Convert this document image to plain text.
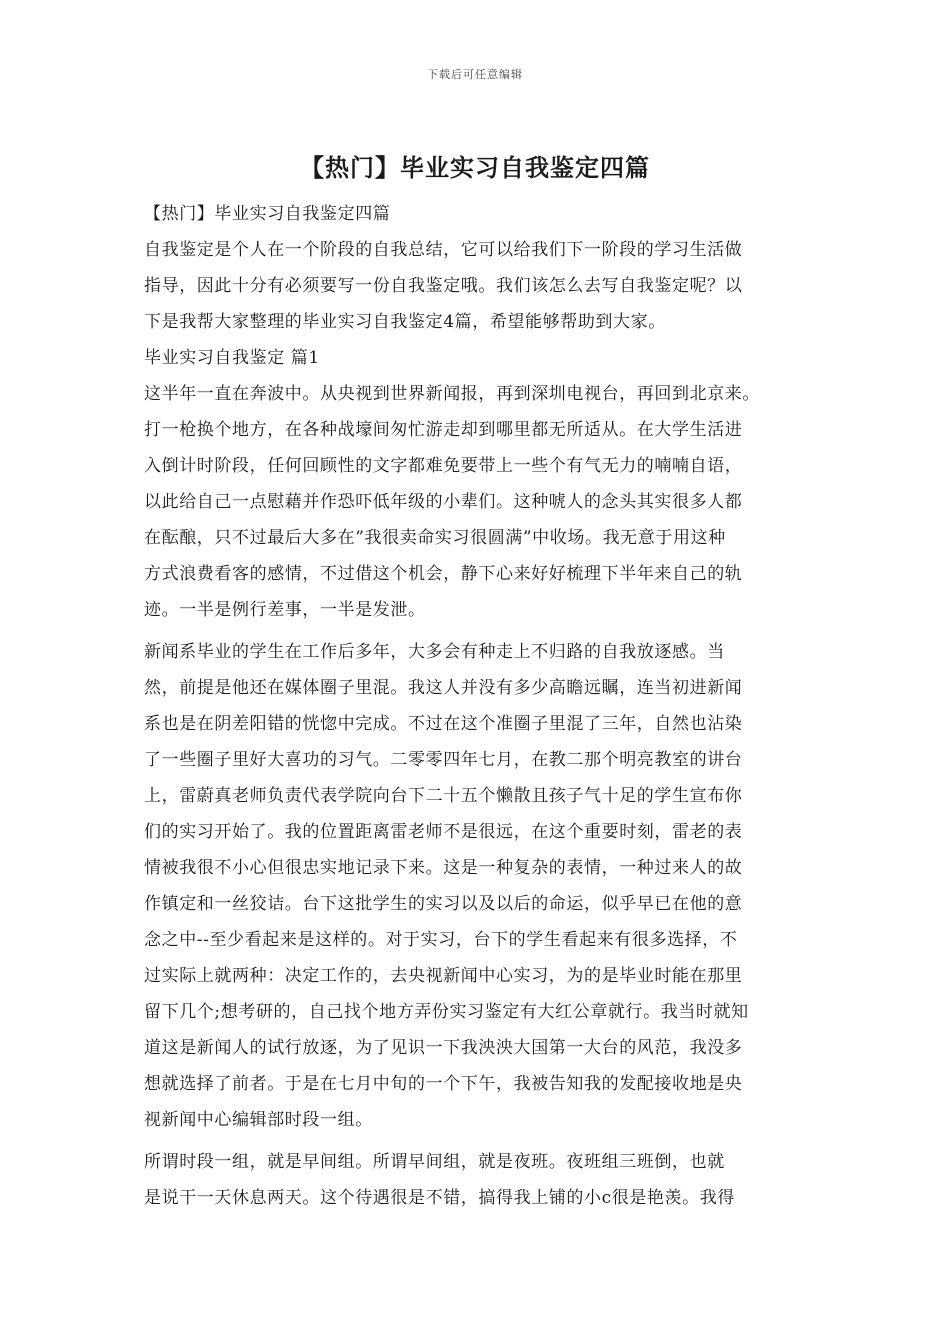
下载后可任意编辑
【热门】毕业实习自我鉴定四篇
【热门】毕业实习自我鉴定四篇
自我鉴定是个人在一个阶段的自我总结，它可以给我们下一阶段的学习生活做
指导，因此十分有必须要写一份自我鉴定哦。我们该怎么去写自我鉴定呢？以
下是我帮大家整理的毕业实习自我鉴定4篇，希望能够帮助到大家。
毕业实习自我鉴定 篇1
这半年一直在奔波中。从央视到世界新闻报，再到深圳电视台，再回到北京来。
打一枪换个地方，在各种战壕间匆忙游走却到哪里都无所适从。在大学生活进
入倒计时阶段，任何回顾性的文字都难免要带上一些个有气无力的喃喃自语，
以此给自己一点慰藉并作恐吓低年级的小辈们。这种唬人的念头其实很多人都
在酝酿，只不过最后大多在”我很卖命实习很圆满”中收场。我无意于用这种
方式浪费看客的感情，不过借这个机会，静下心来好好梳理下半年来自己的轨
迹。一半是例行差事，一半是发泄。
新闻系毕业的学生在工作后多年，大多会有种走上不归路的自我放逐感。当
然，前提是他还在媒体圈子里混。我这人并没有多少高瞻远瞩，连当初进新闻
系也是在阴差阳错的恍惚中完成。不过在这个准圈子里混了三年，自然也沾染
了一些圈子里好大喜功的习气。二零零四年七月，在教二那个明亮教室的讲台
上，雷蔚真老师负责代表学院向台下二十五个懒散且孩子气十足的学生宣布你
们的实习开始了。我的位置距离雷老师不是很远，在这个重要时刻，雷老的表
情被我很不小心但很忠实地记录下来。这是一种复杂的表情，一种过来人的故
作镇定和一丝狡诘。台下这批学生的实习以及以后的命运，似乎早已在他的意
念之中--至少看起来是这样的。对于实习，台下的学生看起来有很多选择，不
过实际上就两种：决定工作的，去央视新闻中心实习，为的是毕业时能在那里
留下几个;想考研的，自己找个地方弄份实习鉴定有大红公章就行。我当时就知
道这是新闻人的试行放逐，为了见识一下我泱泱大国第一大台的风范，我没多
想就选择了前者。于是在七月中旬的一个下午，我被告知我的发配接收地是央
视新闻中心编辑部时段一组。
所谓时段一组，就是早间组。所谓早间组，就是夜班。夜班组三班倒，也就
是说干一天休息两天。这个待遇很是不错，搞得我上铺的小c很是艳羡。我得
